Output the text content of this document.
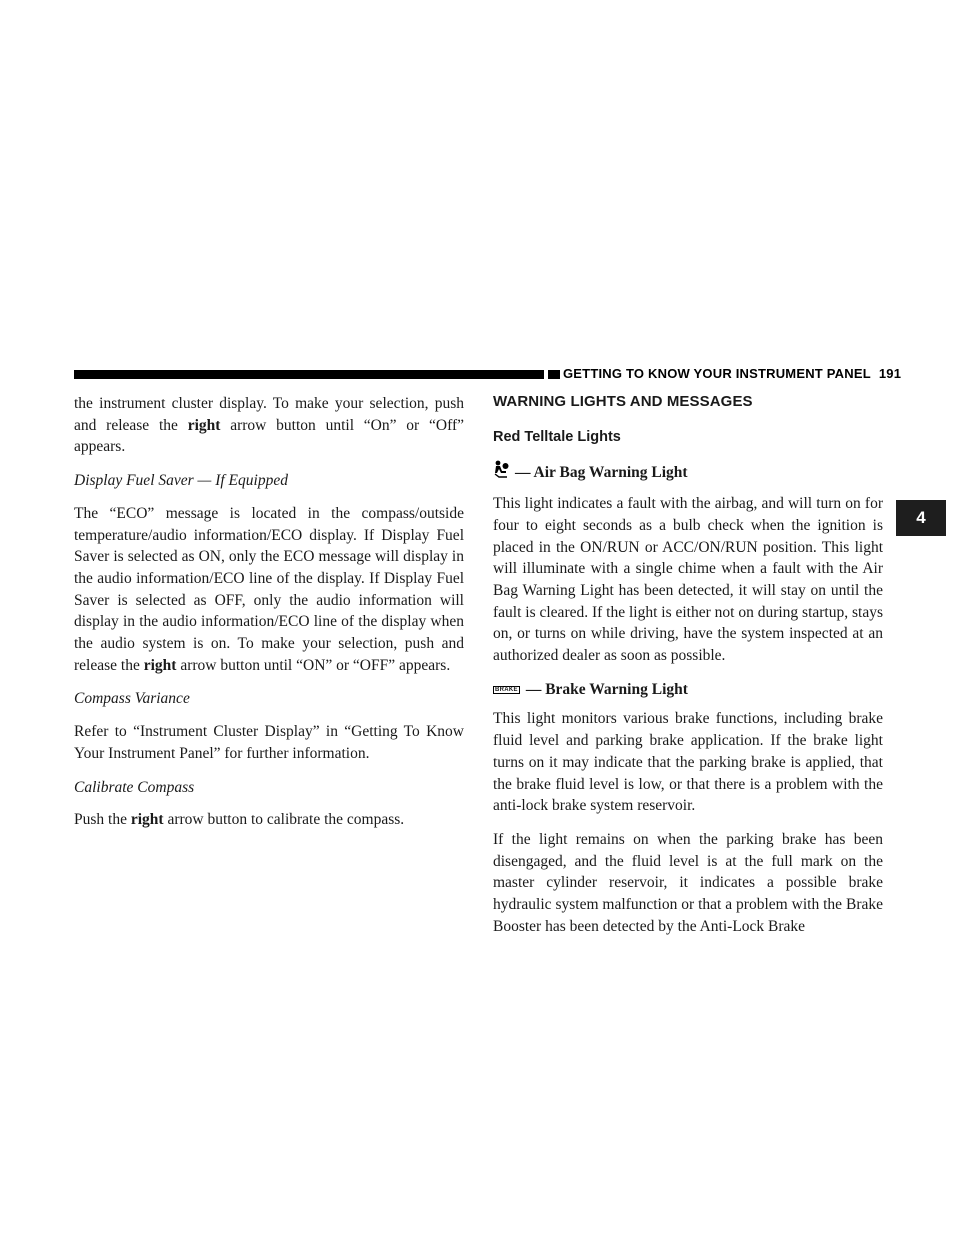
GETTING TO KNOW YOUR INSTRUMENT PANEL 191
4

the instrument cluster display. To make your selection, push and release the right arrow button until “On” or “Off” appears.

Display Fuel Saver — If Equipped

The “ECO” message is located in the compass/outside temperature/audio information/ECO display. If Display Fuel Saver is selected as ON, only the ECO message will display in the audio information/ECO line of the display. If Display Fuel Saver is selected as OFF, only the audio information will display in the audio information/ECO line of the display when the audio system is on. To make your selection, push and release the right arrow button until “ON” or “OFF” appears.

Compass Variance

Refer to “Instrument Cluster Display” in “Getting To Know Your Instrument Panel” for further information.

Calibrate Compass

Push the right arrow button to calibrate the compass.

WARNING LIGHTS AND MESSAGES
Red Telltale Lights
— Air Bag Warning Light

This light indicates a fault with the airbag, and will turn on for four to eight seconds as a bulb check when the ignition is placed in the ON/RUN or ACC/ON/RUN position. This light will illuminate with a single chime when a fault with the Air Bag Warning Light has been detected, it will stay on until the fault is cleared. If the light is either not on during startup, stays on, or turns on while driving, have the system inspected at an authorized dealer as soon as possible.

BRAKE — Brake Warning Light

This light monitors various brake functions, including brake fluid level and parking brake application. If the brake light turns on it may indicate that the parking brake is applied, that the brake fluid level is low, or that there is a problem with the anti-lock brake system reservoir.

If the light remains on when the parking brake has been disengaged, and the fluid level is at the full mark on the master cylinder reservoir, it indicates a possible brake hydraulic system malfunction or that a problem with the Brake Booster has been detected by the Anti-Lock Brake
